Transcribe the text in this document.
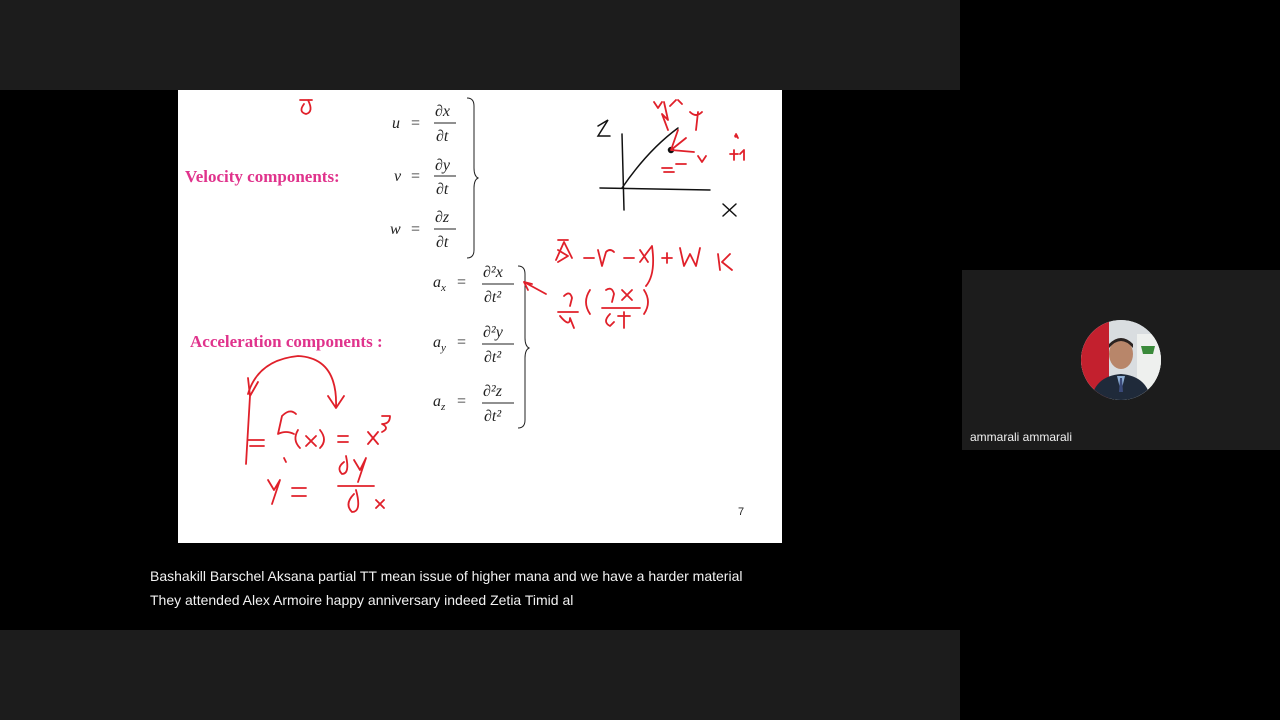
Velocity components:
Acceleration components :
u =
∂x
∂t
v =
∂y
∂t
w =
∂z
∂t
a x =
∂²x
∂t²
a y =
∂²y
∂t²
a z =
∂²z
∂t²
7
ammarali ammarali
Bashakill Barschel Aksana partial TT mean issue of higher mana and we have a harder material
They attended Alex Armoire happy anniversary indeed Zetia Timid al
